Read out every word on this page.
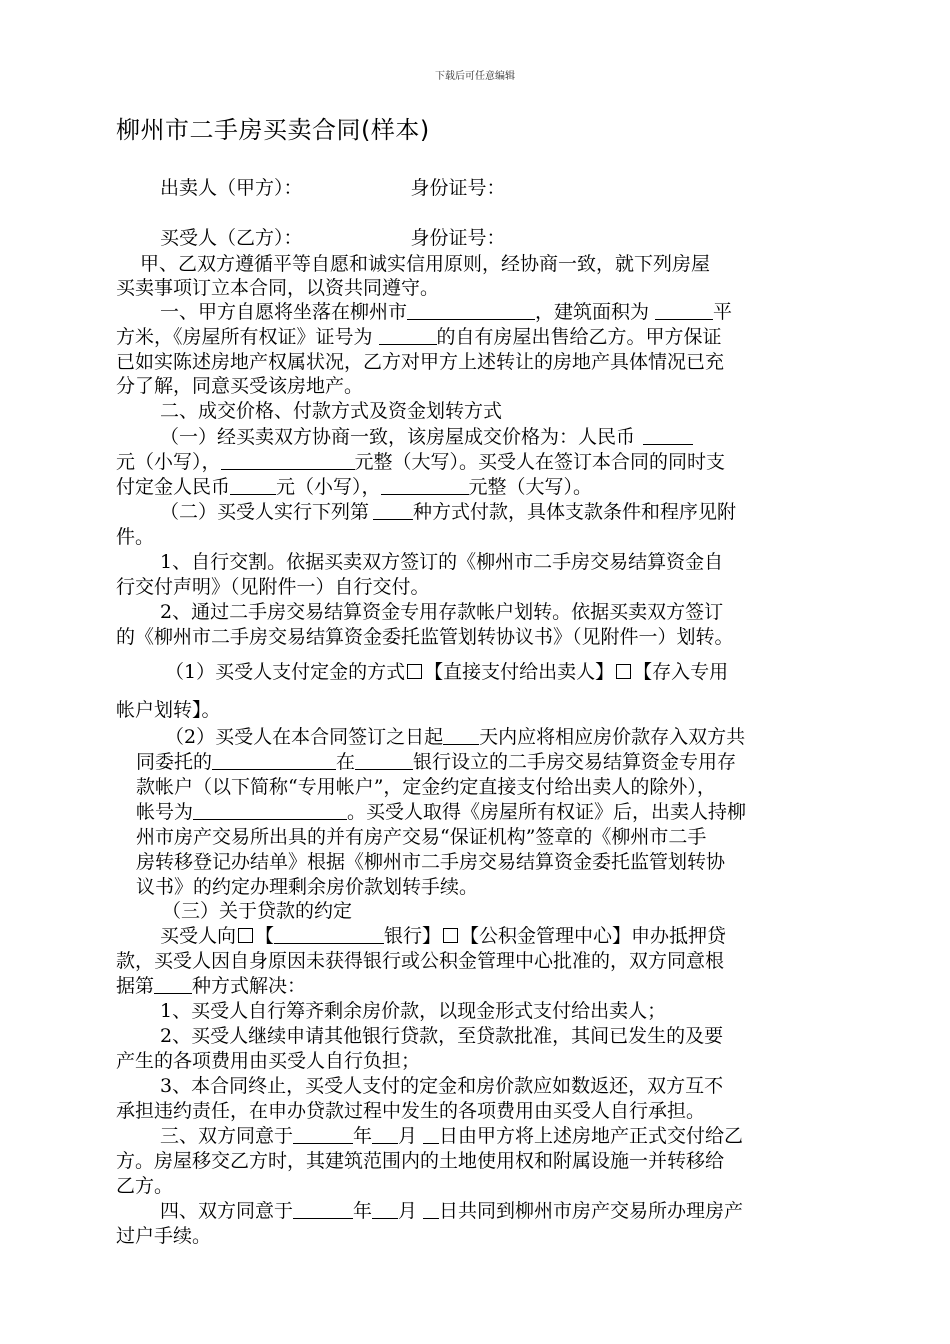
下载后可任意编辑
柳州市二手房买卖合同(样本)
出卖人（甲方）：	身份证号：
买受人（乙方）：	身份证号：
甲、乙双方遵循平等自愿和诚实信用原则，经协商一致，就下列房屋
买卖事项订立本合同，以资共同遵守。
一、甲方自愿将坐落在柳州市	，建筑面积为	平
方米，《房屋所有权证》证号为	的自有房屋出售给乙方。甲方保证
已如实陈述房地产权属状况，乙方对甲方上述转让的房地产具体情况已充
分了解，同意买受该房地产。
二、成交价格、付款方式及资金划转方式
（一）经买卖双方协商一致，该房屋成交价格为：人民币
元（小写），	元整（大写）。买受人在签订本合同的同时支
付定金人民币 元（小写），	元整（大写）。
（二）买受人实行下列第 种方式付款，具体支款条件和程序见附
件。
1、自行交割。依据买卖双方签订的《柳州市二手房交易结算资金自
行交付声明》（见附件一）自行交付。
2、通过二手房交易结算资金专用存款帐户划转。依据买卖双方签订
的《柳州市二手房交易结算资金委托监管划转协议书》（见附件一）划转。
（1）买受人支付定金的方式 【直接支付给出卖人】 【存入专用
帐户划转】。
（2）买受人在本合同签订之日起 天内应将相应房价款存入双方共
同委托的	在	银行设立的二手房交易结算资金专用存
款帐户（以下简称“专用帐户”，定金约定直接支付给出卖人的除外），
帐号为	。买受人取得《房屋所有权证》后，出卖人持柳
州市房产交易所出具的并有房产交易“保证机构”签章的《柳州市二手
房转移登记办结单》根据《柳州市二手房交易结算资金委托监管划转协
议书》的约定办理剩余房价款划转手续。
（三）关于贷款的约定
买受人向 【	银行】 【公积金管理中心】申办抵押贷
款，买受人因自身原因未获得银行或公积金管理中心批准的，双方同意根
据第 种方式解决：
1、买受人自行筹齐剩余房价款，以现金形式支付给出卖人；
2、买受人继续申请其他银行贷款，至贷款批准，其间已发生的及要
产生的各项费用由买受人自行负担；
3、本合同终止，买受人支付的定金和房价款应如数返还，双方互不
承担违约责任，在申办贷款过程中发生的各项费用由买受人自行承担。
三、双方同意于	年 月 日由甲方将上述房地产正式交付给乙
方。房屋移交乙方时，其建筑范围内的土地使用权和附属设施一并转移给
乙方。
四、双方同意于	年 月 日共同到柳州市房产交易所办理房产
过户手续。
